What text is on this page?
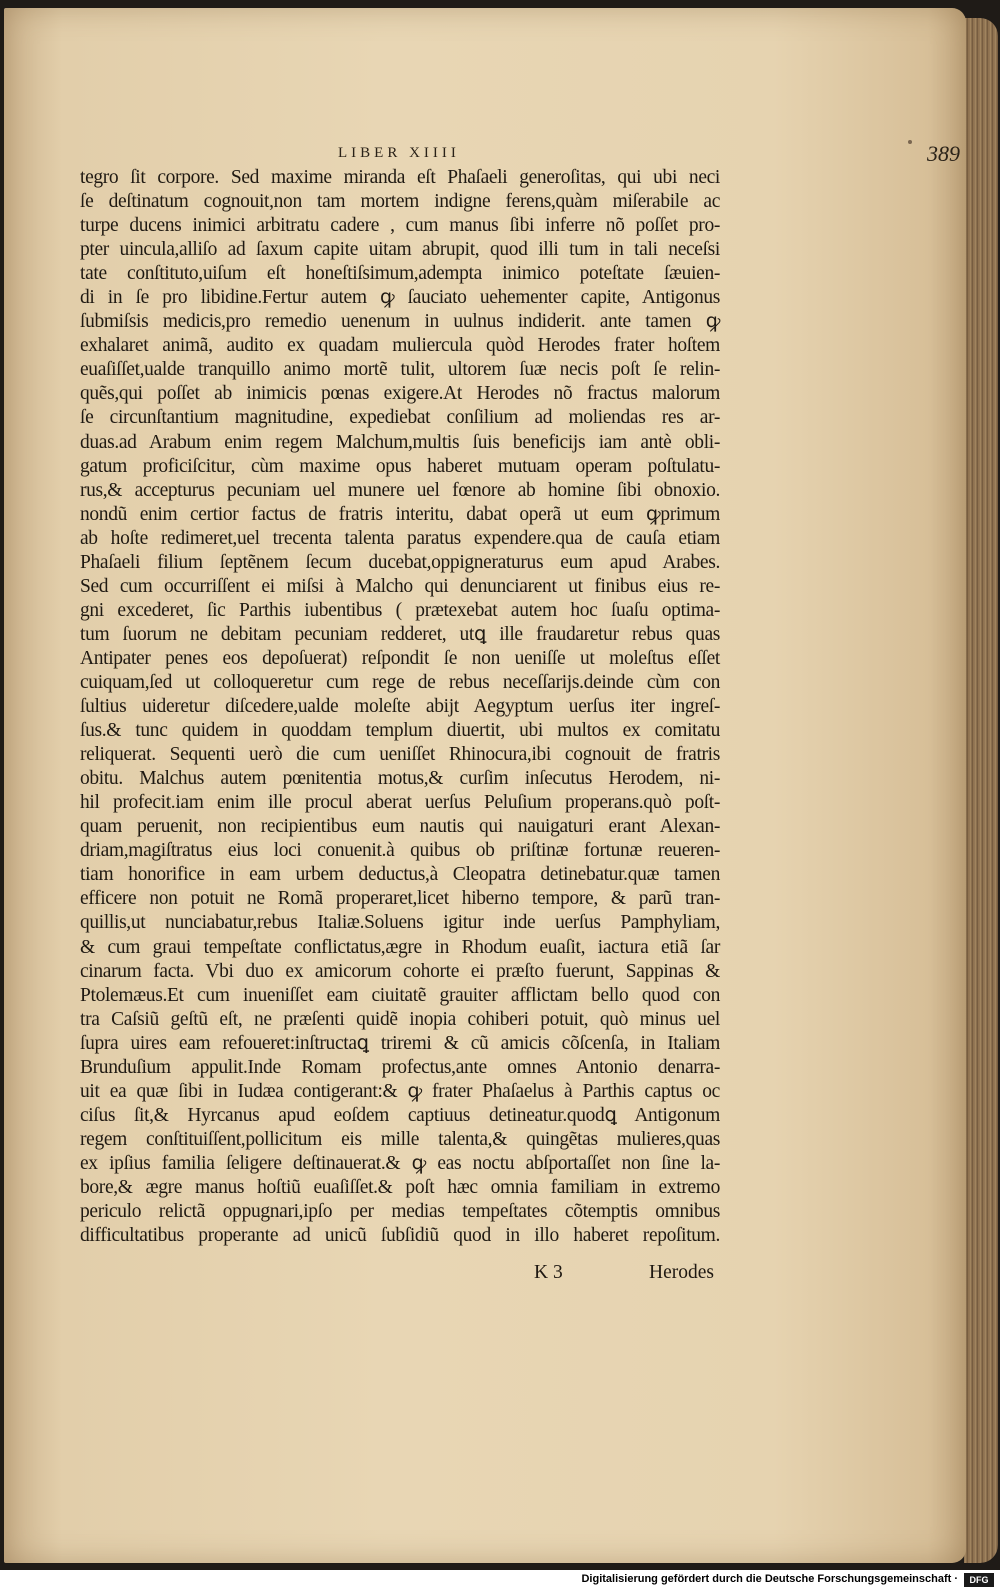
LIBER XIIII	389
tegro ſit corpore. Sed maxime miranda eſt Phaſaeli generoſitas, qui ubi neci
ſe deſtinatum cognouit,non tam mortem indigne ferens,quàm miſerabile ac
turpe ducens inimici arbitratu cadere , cum manus ſibi inferre nõ poſſet pro-
pter uincula,alliſo ad ſaxum capite uitam abrupit, quod illi tum in tali neceſsi
tate conſtituto,uiſum eſt honeſtiſsimum,adempta inimico poteſtate ſæuien-
di in ſe pro libidine.Fertur autem ꝙ ſauciato uehementer capite, Antigonus
ſubmiſsis medicis,pro remedio uenenum in uulnus indiderit. ante tamen ꝙ
exhalaret animã, audito ex quadam muliercula quòd Herodes frater hoſtem
euaſiſſet,ualde tranquillo animo mortẽ tulit, ultorem ſuæ necis poſt ſe relin-
quẽs,qui poſſet ab inimicis pœnas exigere.At Herodes nõ fractus malorum
ſe circunſtantium magnitudine, expediebat conſilium ad moliendas res ar-
duas.ad Arabum enim regem Malchum,multis ſuis beneficijs iam antè obli-
gatum proficiſcitur, cùm maxime opus haberet mutuam operam poſtulatu-
rus,& accepturus pecuniam uel munere uel fœnore ab homine ſibi obnoxio.
nondũ enim certior factus de fratris interitu, dabat operã ut eum ꝙprimum
ab hoſte redimeret,uel trecenta talenta paratus expendere.qua de cauſa etiam
Phaſaeli filium ſeptẽnem ſecum ducebat,oppigneraturus eum apud Arabes.
Sed cum occurriſſent ei miſsi à Malcho qui denunciarent ut finibus eius re-
gni excederet, ſic Parthis iubentibus ( prætexebat autem hoc ſuaſu optima-
tum ſuorum ne debitam pecuniam redderet, utꝗ ille fraudaretur rebus quas
Antipater penes eos depoſuerat) reſpondit ſe non ueniſſe ut moleſtus eſſet
cuiquam,ſed ut colloqueretur cum rege de rebus neceſſarijs.deinde cùm con
ſultius uideretur diſcedere,ualde moleſte abijt Aegyptum uerſus iter ingreſ-
ſus.& tunc quidem in quoddam templum diuertit, ubi multos ex comitatu
reliquerat. Sequenti uerò die cum ueniſſet Rhinocura,ibi cognouit de fratris
obitu. Malchus autem pœnitentia motus,& curſim inſecutus Herodem, ni-
hil profecit.iam enim ille procul aberat uerſus Peluſium properans.quò poſt-
quam peruenit, non recipientibus eum nautis qui nauigaturi erant Alexan-
driam,magiſtratus eius loci conuenit.à quibus ob priſtinæ fortunæ reueren-
tiam honorifice in eam urbem deductus,à Cleopatra detinebatur.quæ tamen
efficere non potuit ne Romã properaret,licet hiberno tempore, & parũ tran-
quillis,ut nunciabatur,rebus Italiæ.Soluens igitur inde uerſus Pamphyliam,
& cum graui tempeſtate conflictatus,ægre in Rhodum euaſit, iactura etiã ſar
cinarum facta. Vbi duo ex amicorum cohorte ei præſto fuerunt, Sappinas &
Ptolemæus.Et cum inueniſſet eam ciuitatẽ grauiter afflictam bello quod con
tra Caſsiũ geſtũ eſt, ne præſenti quidẽ inopia cohiberi potuit, quò minus uel
ſupra uires eam refoueret:inſtructaꝗ triremi & cũ amicis cõſcenſa, in Italiam
Brunduſium appulit.Inde Romam profectus,ante omnes Antonio denarra-
uit ea quæ ſibi in Iudæa contigerant:& ꝙ frater Phaſaelus à Parthis captus oc
ciſus ſit,& Hyrcanus apud eoſdem captiuus detineatur.quodꝗ Antigonum
regem conſtituiſſent,pollicitum eis mille talenta,& quingẽtas mulieres,quas
ex ipſius familia ſeligere deſtinauerat.& ꝙ eas noctu abſportaſſet non ſine la-
bore,& ægre manus hoſtiũ euaſiſſet.& poſt hæc omnia familiam in extremo
periculo relictã oppugnari,ipſo per medias tempeſtates cõtemptis omnibus
difficultatibus properante ad unicũ ſubſidiũ quod in illo haberet repoſitum.
K 3	Herodes
Digitalisierung gefördert durch die Deutsche Forschungsgemeinschaft ·	DFG
